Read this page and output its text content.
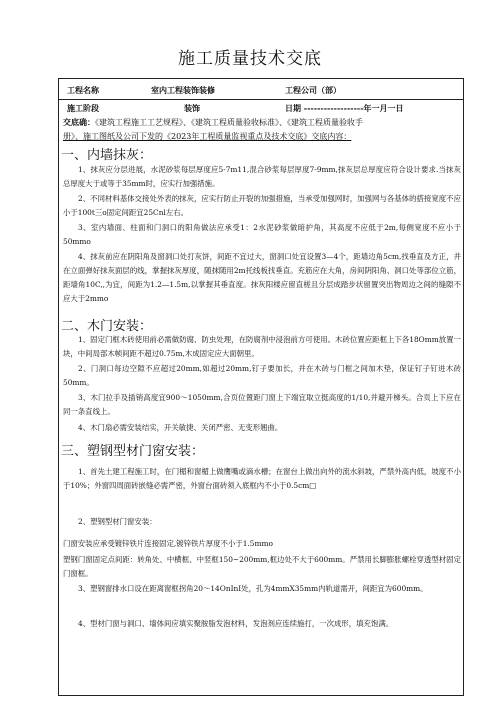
施工质量技术交底
工程名称	室内工程装饰装修	工程公司（部）
施工阶段	装饰	日期 ------------------年一月一日
交底确：《建筑工程施工工艺规程》、《建筑工程质量验收标准》、《建筑工程质量验收手
册》、施工图纸及公司下发的《2023年工程质量监视重点及技术交底》交底内容：
一、内墙抹灰：
1、抹灰应分层进展，水泥砂浆每层厚度应5-7m11,混合砂浆每层厚度7-9mm,抹灰层总厚度应符合设计要求.当抹灰总厚度大于或等于35mm时，应实行加强措施。
2、不同材料基体交接处外表的抹灰，应实行防止开裂的加强措施，当承受加强网时，加强网与各基体的搭接宽度不应小于100t三o固定间距宜25Cnl左右。
3、室内墙面、柱面和门洞口的阳角做法应承受1：2水泥砂浆做暗护角，其高度不应低于2m,每侧宽度不应小于50mmo
4、抹灰前应在阴阳角及窗洞口处打灰饼，间距不宜过大，窗洞口处宜设置3—4个，距墙边角5cm,找垂直及方正，并在立面弹好抹灰面层的线，掌握抹灰厚度，随抹随用2m托线板找垂直。充筋应在大角，房间阴阳角、洞口处等部位立筋，距墙角10C,,为宜，间距为1.2—1.5m,以掌握其垂直度。抹灰阳楼应留直槎且分层成踏步状留置突出物周边之间的缝隙不应大于2mmo
二、木门安装：
1、固定门框木砖使用前必需做防腐、防虫处理，在防腐剂中浸泡前方可使用。木砖位置应距框上下各18Omm放置一块，中间局部木帧间距不超过0.75m,木成固定应大面朝里。
2、门洞口每边空隙不应超过20mm,如超过20mm,钉子要加长，并在木砖与门框之间加木垫，保证钉子钉进木砖50mm。
3、木门拉手及插销高度宜900～1050mm,合页位置距门窗上下端宜取立挺高度的1/10,并避开梯头。合页上下应在同一条直线上。
4、木门扇必需安装结实，开关敏捷、关闭严密、无变形翘曲。
三、塑钢型材门窗安装：
1、首先土建工程施工时，在门楣和窗楣上做鹰嘴或滴水槽；在窗台上做出向外的流水斜坡，严禁外高内低，坡度不小于10%；外窗四周面砖嵌缝必需严密，外窗台面砖须入底框内不小于0.5cm□
2、塑钢型材门窗安装：
门窗安装应承受镀锌铁片连接固定,镀锌铁片厚度不小于1.5mmo
塑钢门窗固定点间距：转角处、中横框、中竖框150~200mm,框边处不大于600mm。严禁用长脚膨胀螺栓穿透型材固定门窗框。
3、塑钢窗排水口设在距离窗框拐角20～14OnInI处，孔为4mmX35mm内轨道需开，间距宜为600mm。
4、型材门窗与洞口、墙体间应填实聚胺脂发泡材料，发泡剂应连续施打，一次成形，填充饱满。
